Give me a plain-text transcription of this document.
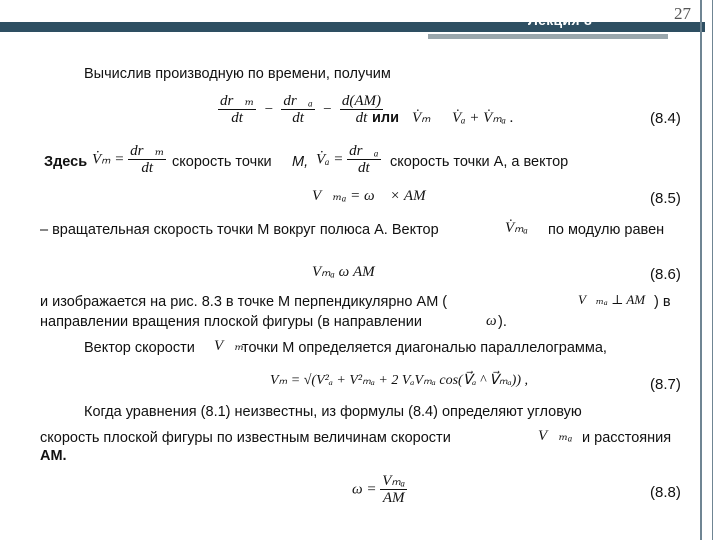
Лекция 8	27
Вычислив производную по времени, получим
$\frac{\text{dr⃗ₘ}}{dt} - \frac{\text{dr⃗ₐ}}{dt} - \frac{d(AM)}{dt}$
или V̇ₘ V̇ₐ + V̇ₘₐ .	(8.4)
Здесь V̇ₘ = $\frac{\text{dr⃗ₘ}}{dt}$ скорость точки M, V̇ₐ = $\frac{\text{dr⃗ₐ}}{dt}$ скорость точки A, а вектор
V⃗ₘₐ = ω⃗ × AM	(8.5)
– вращательная скорость точки M вокруг полюса A. Вектор	V̇ₘₐ по модулю равен
Vₘₐ ω AM	(8.6)
и изображается на рис. 8.3 в точке M перпендикулярно AM (	V⃗ₘₐ ⊥ AM ) в
направлении вращения плоской фигуры (в направлении	ω ).
Вектор скорости V⃗ₘ
точки M определяется диагональю параллелограмма,
Vₘ = √(V²ₐ + V²ₘₐ + 2 VₐVₘₐ cos(V⃗ₐ ^ V⃗ₘₐ)) ,	(8.7)
Когда уравнения (8.1) неизвестны, из формулы (8.4) определяют угловую
скорость плоской фигуры по известным величинам скорости	V⃗ₘₐ и расстояния
AM.
$\omega = \frac{\text{Vₘₐ}}{AM}$	(8.8)
